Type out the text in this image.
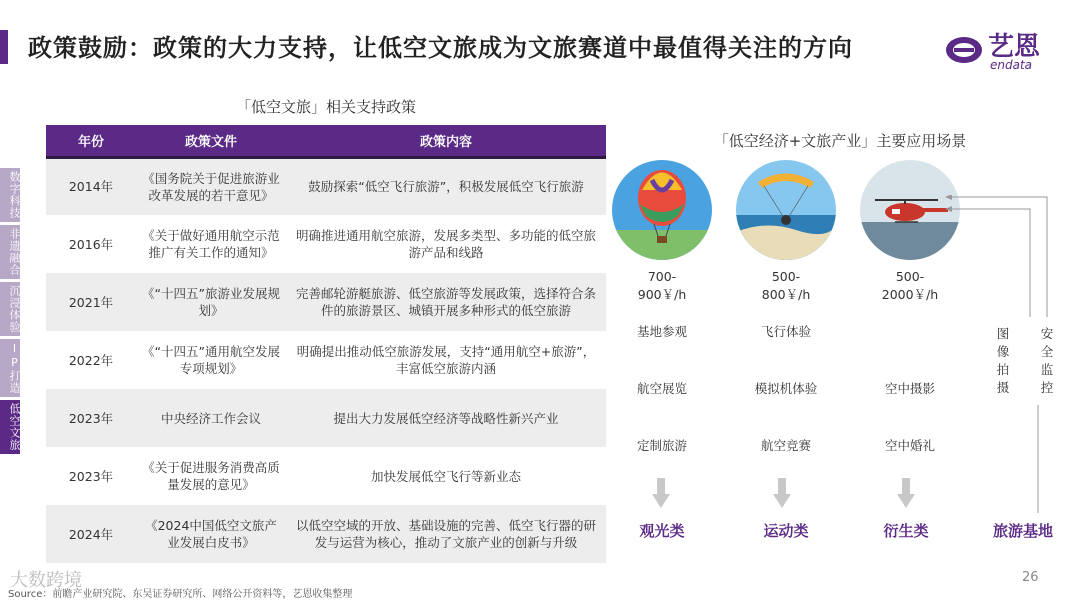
政策鼓励：政策的大力支持，让低空文旅成为文旅赛道中最值得关注的方向	艺恩
endata
数字科技
非遗融合
沉浸体验
IP打造
低空文旅
「低空文旅」相关支持政策
年份	政策文件	政策内容
2014年	《国务院关于促进旅游业改革发展的若干意见》	鼓励探索“低空飞行旅游”，积极发展低空飞行旅游
2016年	《关于做好通用航空示范推广有关工作的通知》	明确推进通用航空旅游，发展多类型、多功能的低空旅游产品和线路
2021年	《“十四五”旅游业发展规划》	完善邮轮游艇旅游、低空旅游等发展政策，选择符合条件的旅游景区、城镇开展多种形式的低空旅游
2022年	《“十四五”通用航空发展专项规划》	明确提出推动低空旅游发展，支持“通用航空+旅游”，丰富低空旅游内涵
2023年	中央经济工作会议	提出大力发展低空经济等战略性新兴产业
2023年	《关于促进服务消费高质量发展的意见》	加快发展低空飞行等新业态
2024年	《2024中国低空文旅产业发展白皮书》	以低空空域的开放、基础设施的完善、低空飞行器的研发与运营为核心，推动了文旅产业的创新与升级
「低空经济+文旅产业」主要应用场景
700-
900￥/h
基地参观
航空展览
定制旅游
500-
800￥/h
飞行体验
模拟机体验
航空竞赛
500-
2000￥/h
空中摄影
空中婚礼
图像拍摄
安全监控
观光类	运动类	衍生类	旅游基地
大数跨境
Source：前瞻产业研究院、东吴证券研究所、网络公开资料等，艺恩收集整理
26
